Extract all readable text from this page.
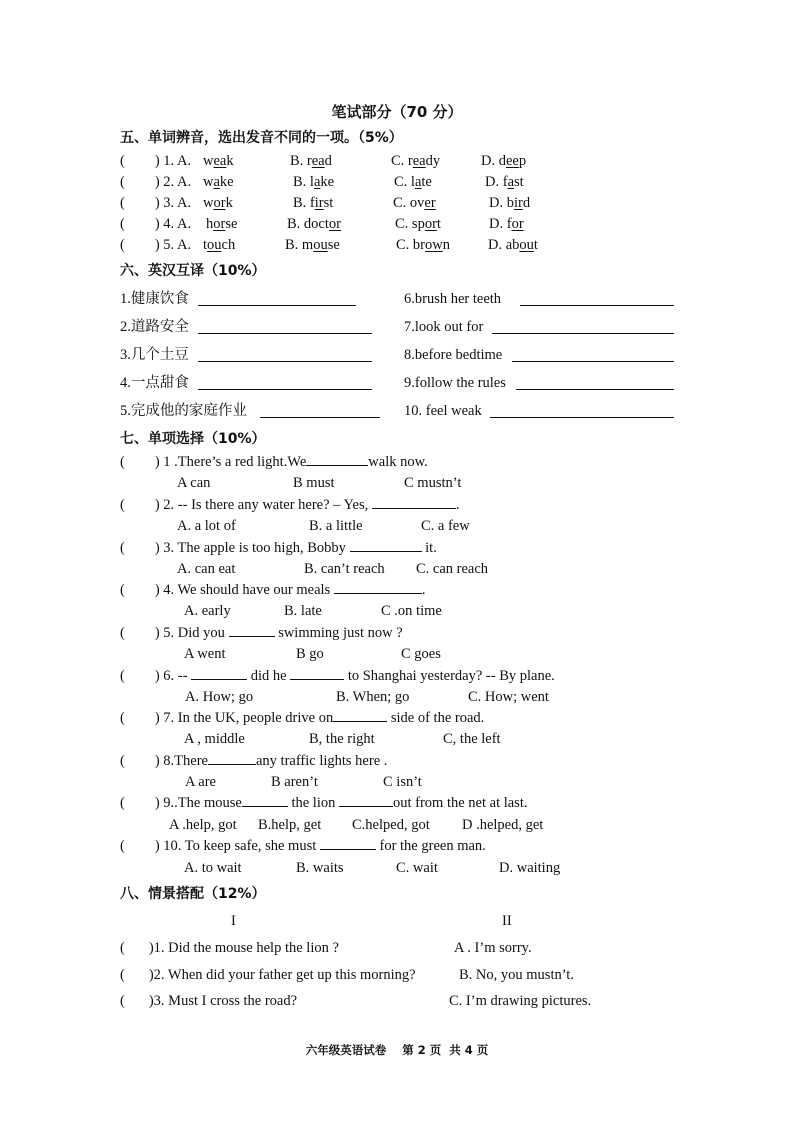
笔试部分（70 分）
五、单词辨音，选出发音不同的一项。（5%）
( ) 1. A. weak	B. read	C. ready	D. deep
( ) 2. A. wake	B. lake	C. late	D. fast
( ) 3. A. work	B. first	C. over	D. bird
( ) 4. A. horse	B. doctor	C. sport	D. for
( ) 5. A. touch	B. mouse	C. brown	D. about
六、英汉互译（10%）
1.健康饮食	6.brush her teeth
2.道路安全	7.look out for
3.几个土豆	8.before bedtime
4.一点甜食	9.follow the rules
5.完成他的家庭作业	10. feel weak
七、单项选择（10%）
( ) 1 .There’s a red light.We	walk now.
A can	B must	C mustn’t
( ) 2. -- Is there any water here? – Yes,	.
A. a lot of	B. a little	C. a few
( ) 3. The apple is too high, Bobby	it.
A. can eat	B. can’t reach C. can reach
( ) 4. We should have our meals	.
A. early	B. late	C .on time
( ) 5. Did you	swimming just now ?
A went	B go	C goes
( ) 6. --	did he	to Shanghai yesterday? -- By plane.
A. How; go	B. When; go	C. How; went
( ) 7. In the UK, people drive on	side of the road.
A , middle	B, the right	C, the left
( ) 8.There	any traffic lights here .
A are	B aren’t	C isn’t
( ) 9..The mouse	the lion	out from the net at last.
A .help, got B.help, get C.helped, got D .helped, get
( ) 10. To keep safe, she must	for the green man.
A. to wait	B. waits	C. wait	D. waiting
八、情景搭配（12%）
I	II
( )1. Did the mouse help the lion ?	A . I’m sorry.
( )2. When did your father get up this morning?	B. No, you mustn’t.
( )3. Must I cross the road?	C. I’m drawing pictures.
六年级英语试卷    第 2 页  共 4 页
